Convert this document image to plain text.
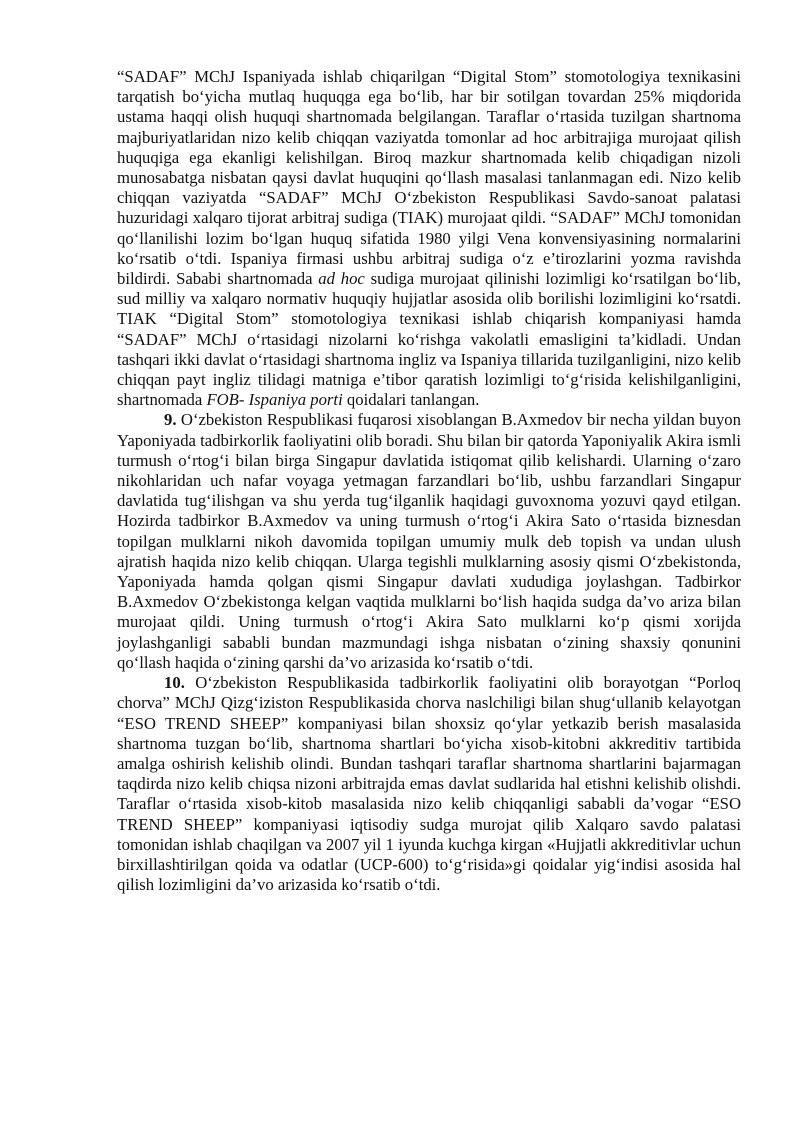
“SADAF” MChJ Ispaniyada ishlab chiqarilgan “Digital Stom” stomotologiya texnikasini tarqatish bo‘yicha mutlaq huquqga ega bo‘lib, har bir sotilgan tovardan 25% miqdorida ustama haqqi olish huquqi shartnomada belgilangan. Taraflar o‘rtasida tuzilgan shartnoma majburiyatlaridan nizo kelib chiqqan vaziyatda tomonlar ad hoc arbitrajiga murojaat qilish huquqiga ega ekanligi kelishilgan. Biroq mazkur shartnomada kelib chiqadigan nizoli munosabatga nisbatan qaysi davlat huquqini qo‘llash masalasi tanlanmagan edi. Nizo kelib chiqqan vaziyatda “SADAF” MChJ O‘zbekiston Respublikasi Savdo-sanoat palatasi huzuridagi xalqaro tijorat arbitraj sudiga (TIAK) murojaat qildi. “SADAF” MChJ tomonidan qo‘llanilishi lozim bo‘lgan huquq sifatida 1980 yilgi Vena konvensiyasining normalarini ko‘rsatib o‘tdi. Ispaniya firmasi ushbu arbitraj sudiga o‘z e’tirozlarini yozma ravishda bildirdi. Sababi shartnomada ad hoc sudiga murojaat qilinishi lozimligi ko‘rsatilgan bo‘lib, sud milliy va xalqaro normativ huquqiy hujjatlar asosida olib borilishi lozimligini ko‘rsatdi. TIAK “Digital Stom” stomotologiya texnikasi ishlab chiqarish kompaniyasi hamda “SADAF” MChJ o‘rtasidagi nizolarni ko‘rishga vakolatli emasligini ta’kidladi. Undan tashqari ikki davlat o‘rtasidagi shartnoma ingliz va Ispaniya tillarida tuzilganligini, nizo kelib chiqqan payt ingliz tilidagi matniga e’tibor qaratish lozimligi to‘g‘risida kelishilganligini, shartnomada FOB- Ispaniya porti qoidalari tanlangan.

9. O‘zbekiston Respublikasi fuqarosi xisoblangan B.Axmedov bir necha yildan buyon Yaponiyada tadbirkorlik faoliyatini olib boradi. Shu bilan bir qatorda Yaponiyalik Akira ismli turmush o‘rtog‘i bilan birga Singapur davlatida istiqomat qilib kelishardi. Ularning o‘zaro nikohlaridan uch nafar voyaga yetmagan farzandlari bo‘lib, ushbu farzandlari Singapur davlatida tug‘ilishgan va shu yerda tug‘ilganlik haqidagi guvoxnoma yozuvi qayd etilgan. Hozirda tadbirkor B.Axmedov va uning turmush o‘rtog‘i Akira Sato o‘rtasida biznesdan topilgan mulklarni nikoh davomida topilgan umumiy mulk deb topish va undan ulush ajratish haqida nizo kelib chiqqan. Ularga tegishli mulklarning asosiy qismi O‘zbekistonda, Yaponiyada hamda qolgan qismi Singapur davlati xududiga joylashgan. Tadbirkor B.Axmedov O‘zbekistonga kelgan vaqtida mulklarni bo‘lish haqida sudga da’vo ariza bilan murojaat qildi. Uning turmush o‘rtog‘i Akira Sato mulklarni ko‘p qismi xorijda joylashganligi sababli bundan mazmundagi ishga nisbatan o‘zining shaxsiy qonunini qo‘llash haqida o‘zining qarshi da’vo arizasida ko‘rsatib o‘tdi.

10. O‘zbekiston Respublikasida tadbirkorlik faoliyatini olib borayotgan “Porloq chorva” MChJ Qizg‘iziston Respublikasida chorva naslchiligi bilan shug‘ullanib kelayotgan “ESO TREND SHEEP” kompaniyasi bilan shoxsiz qo‘ylar yetkazib berish masalasida shartnoma tuzgan bo‘lib, shartnoma shartlari bo‘yicha xisob-kitobni akkreditiv tartibida amalga oshirish kelishib olindi. Bundan tashqari taraflar shartnoma shartlarini bajarmagan taqdirda nizo kelib chiqsa nizoni arbitrajda emas davlat sudlarida hal etishni kelishib olishdi. Taraflar o‘rtasida xisob-kitob masalasida nizo kelib chiqqanligi sababli da’vogar “ESO TREND SHEEP” kompaniyasi iqtisodiy sudga murojat qilib Xalqaro savdo palatasi tomonidan ishlab chaqilgan va 2007 yil 1 iyunda kuchga kirgan «Hujjatli akkreditivlar uchun birxillashtirilgan qoida va odatlar (UCP-600) to‘g‘risida»gi qoidalar yig‘indisi asosida hal qilish lozimligini da’vo arizasida ko‘rsatib o‘tdi.
